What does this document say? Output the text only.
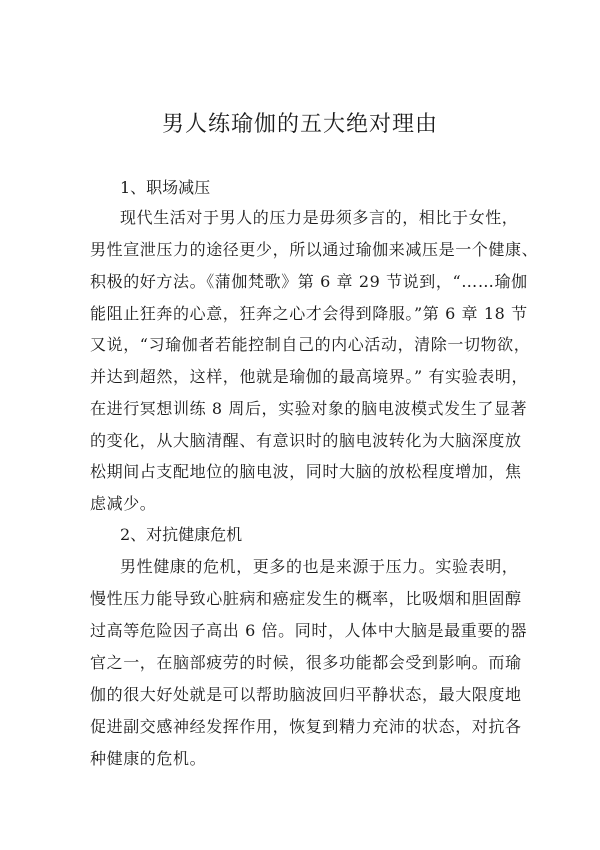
男人练瑜伽的五大绝对理由
1、职场减压
现代生活对于男人的压力是毋须多言的，相比于女性，
男性宣泄压力的途径更少，所以通过瑜伽来减压是一个健康、
积极的好方法。《蒲伽梵歌》第 6 章 29 节说到，“……瑜伽
能阻止狂奔的心意，狂奔之心才会得到降服。”第 6 章 18 节
又说，“习瑜伽者若能控制自己的内心活动，清除一切物欲，
并达到超然，这样，他就是瑜伽的最高境界。” 有实验表明，
在进行冥想训练 8 周后，实验对象的脑电波模式发生了显著
的变化，从大脑清醒、有意识时的脑电波转化为大脑深度放
松期间占支配地位的脑电波，同时大脑的放松程度增加，焦
虑减少。
2、对抗健康危机
男性健康的危机，更多的也是来源于压力。实验表明，
慢性压力能导致心脏病和癌症发生的概率，比吸烟和胆固醇
过高等危险因子高出 6 倍。同时，人体中大脑是最重要的器
官之一，在脑部疲劳的时候，很多功能都会受到影响。而瑜
伽的很大好处就是可以帮助脑波回归平静状态，最大限度地
促进副交感神经发挥作用，恢复到精力充沛的状态，对抗各
种健康的危机。
